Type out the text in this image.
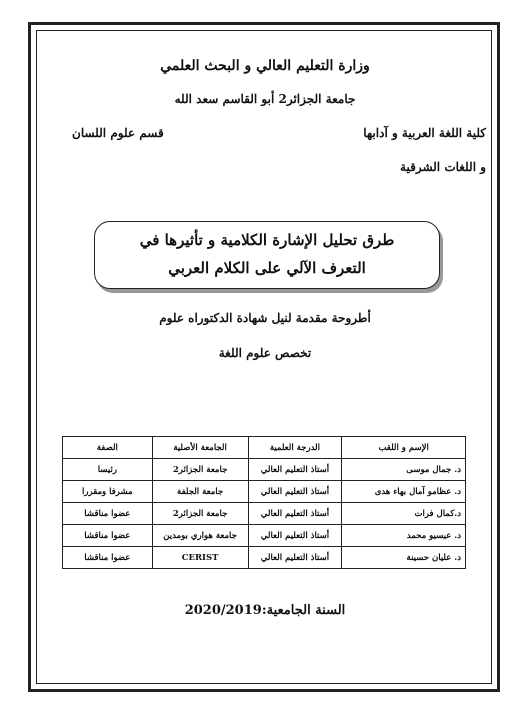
وزارة التعليم العالي و البحث العلمي
جامعة الجزائر2 أبو القاسم سعد الله
كلية اللغة العربية و آدابها
و اللغات الشرقية
قسم علوم اللسان
طرق تحليل الإشارة الكلامية و تأثيرها في
التعرف الآلي على الكلام العربي
أطروحة مقدمة لنيل شهادة الدكتوراه علوم
تخصص علوم اللغة
الإسم و اللقب	الدرجة العلمية	الجامعة الأصلية	الصفة
د. جمال موسى	أستاذ التعليم العالي	جامعة الجزائر2	رئيسا
د. عظامو آمال بهاء هدى	أستاذ التعليم العالي	جامعة الجلفة	مشرفا ومقررا
د.كمال فرات	أستاذ التعليم العالي	جامعة الجزائر2	عضوا مناقشا
د. عيسيو محمد	أستاذ التعليم العالي	جامعة هواري بومدين	عضوا مناقشا
د. عليان حسينة	أستاذ التعليم العالي	CERIST	عضوا مناقشا
السنة الجامعية:2020/2019
